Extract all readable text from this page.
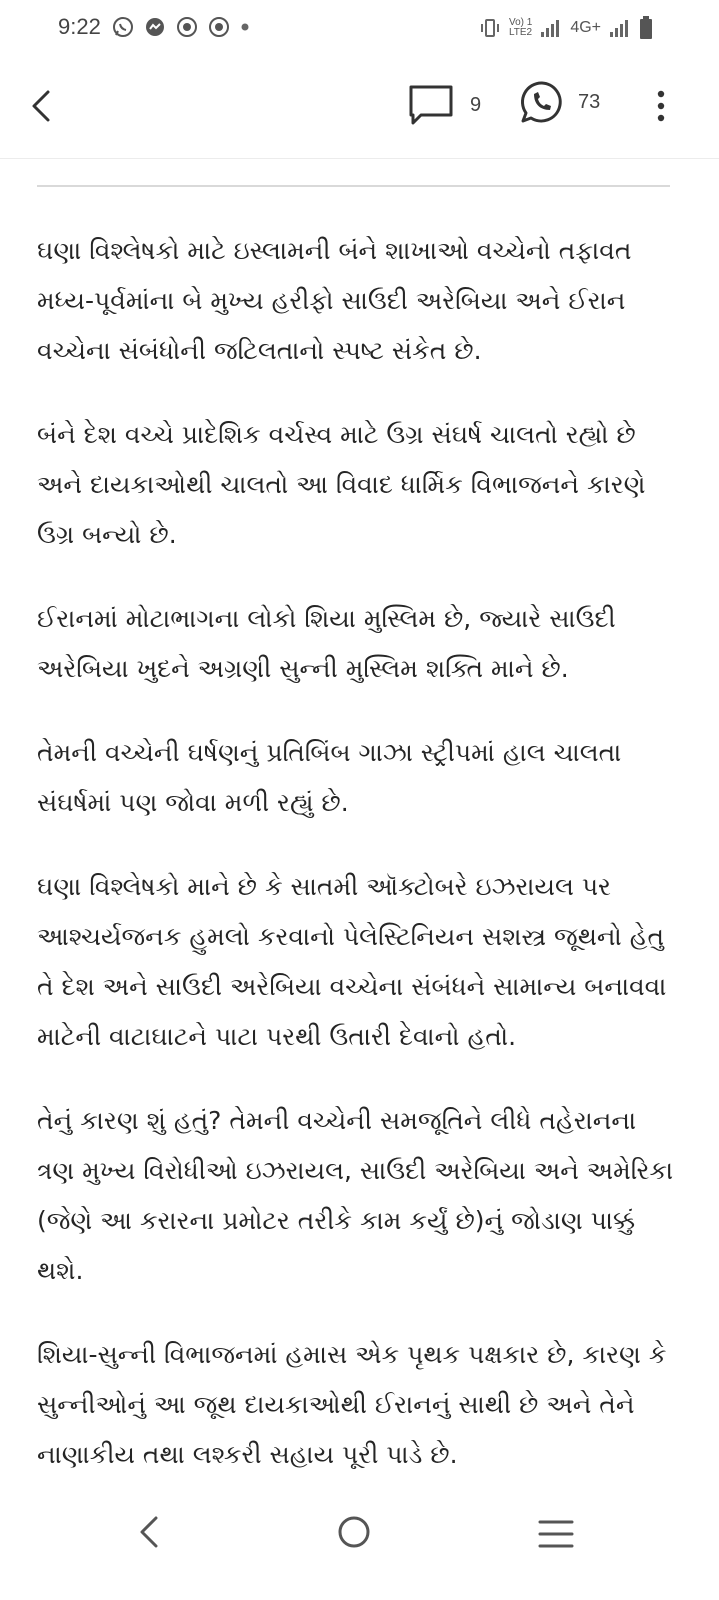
9:22	Vo) 1
LTE2 4G+
9	73

ઘણા વિશ્લેષકો માટે ઇસ્લામની બંને શાખાઓ વચ્ચેનો તફાવત મધ્ય-પૂર્વમાંના બે મુખ્ય હરીફો સાઉદી અરેબિયા અને ઈરાન વચ્ચેના સંબંધોની જટિલતાનો સ્પષ્ટ સંકેત છે.

બંને દેશ વચ્ચે પ્રાદેશિક વર્ચસ્વ માટે ઉગ્ર સંઘર્ષ ચાલતો રહ્યો છે અને દાયકાઓથી ચાલતો આ વિવાદ ધાર્મિક વિભાજનને કારણે ઉગ્ર બન્યો છે.

ઈરાનમાં મોટાભાગના લોકો શિયા મુસ્લિમ છે, જ્યારે સાઉદી અરેબિયા ખુદને અગ્રણી સુન્ની મુસ્લિમ શક્તિ માને છે.

તેમની વચ્ચેની ઘર્ષણનું પ્રતિબિંબ ગાઝા સ્ટ્રીપમાં હાલ ચાલતા સંઘર્ષમાં પણ જોવા મળી રહ્યું છે.

ઘણા વિશ્લેષકો માને છે કે સાતમી ઑક્ટોબરે ઇઝરાયલ પર આશ્ચર્યજનક હુમલો કરવાનો પેલેસ્ટિનિયન સશસ્ત્ર જૂથનો હેતુ તે દેશ અને સાઉદી અરેબિયા વચ્ચેના સંબંધને સામાન્ય બનાવવા માટેની વાટાઘાટને પાટા પરથી ઉતારી દેવાનો હતો.

તેનું કારણ શું હતું? તેમની વચ્ચેની સમજૂતિને લીધે તહેરાનના ત્રણ મુખ્ય વિરોધીઓ ઇઝરાયલ, સાઉદી અરેબિયા અને અમેરિકા (જેણે આ કરારના પ્રમોટર તરીકે કામ કર્યું છે)નું જોડાણ પાક્કું થશે.

શિયા-સુન્ની વિભાજનમાં હમાસ એક પૃથક પક્ષકાર છે, કારણ કે સુન્નીઓનું આ જૂથ દાયકાઓથી ઈરાનનું સાથી છે અને તેને નાણાકીય તથા લશ્કરી સહાય પૂરી પાડે છે.
